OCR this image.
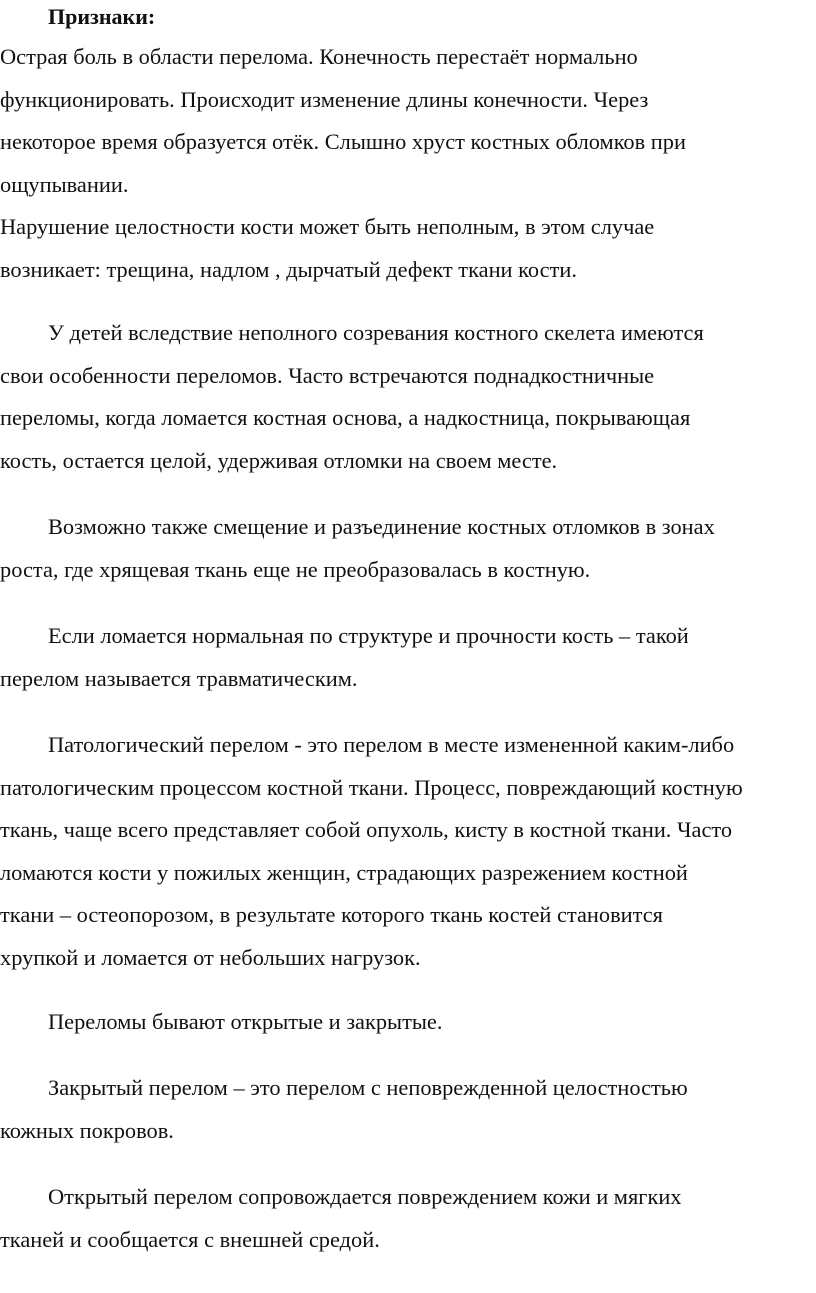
Признаки:

Острая боль в области перелома. Конечность перестаёт нормально
функционировать. Происходит изменение длины конечности. Через
некоторое время образуется отёк. Слышно хруст костных обломков при
ощупывании.
Нарушение целостности кости может быть неполным, в этом случае
возникает: трещина, надлом , дырчатый дефект ткани кости.

У детей вследствие неполного созревания костного скелета имеются
свои особенности переломов. Часто встречаются поднадкостничные
переломы, когда ломается костная основа, а надкостница, покрывающая
кость, остается целой, удерживая отломки на своем месте.

Возможно также смещение и разъединение костных отломков в зонах
роста, где хрящевая ткань еще не преобразовалась в костную.

Если ломается нормальная по структуре и прочности кость – такой
перелом называется травматическим.

Патологический перелом - это перелом в месте измененной каким-либо
патологическим процессом костной ткани. Процесс, повреждающий костную
ткань, чаще всего представляет собой опухоль, кисту в костной ткани. Часто
ломаются кости у пожилых женщин, страдающих разрежением костной
ткани – остеопорозом, в результате которого ткань костей становится
хрупкой и ломается от небольших нагрузок.

Переломы бывают открытые и закрытые.

Закрытый перелом – это перелом с неповрежденной целостностью
кожных покровов.

Открытый перелом сопровождается повреждением кожи и мягких
тканей и сообщается с внешней средой.
